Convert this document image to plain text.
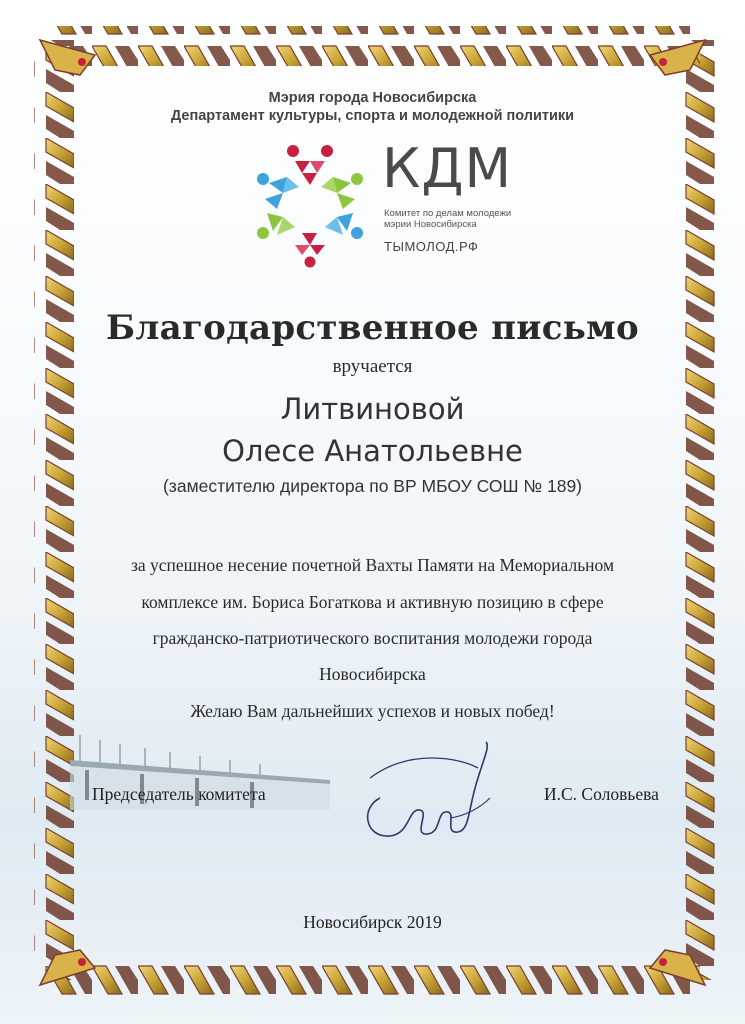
Мэрия города Новосибирска
Департамент культуры, спорта и молодежной политики
КДМ
Комитет по делам молодежи
мэрии Новосибирска
ТЫМОЛОД.РФ
Благодарственное письмо
вручается
Литвиновой
Олесе Анатольевне
(заместителю директора по ВР МБОУ СОШ № 189)
за успешное несение почетной Вахты Памяти на Мемориальном
комплексе им. Бориса Богаткова и активную позицию в сфере
гражданско-патриотического воспитания молодежи города
Новосибирска
Желаю Вам дальнейших успехов и новых побед!
Председатель комитета	И.С. Соловьева
Новосибирск 2019
